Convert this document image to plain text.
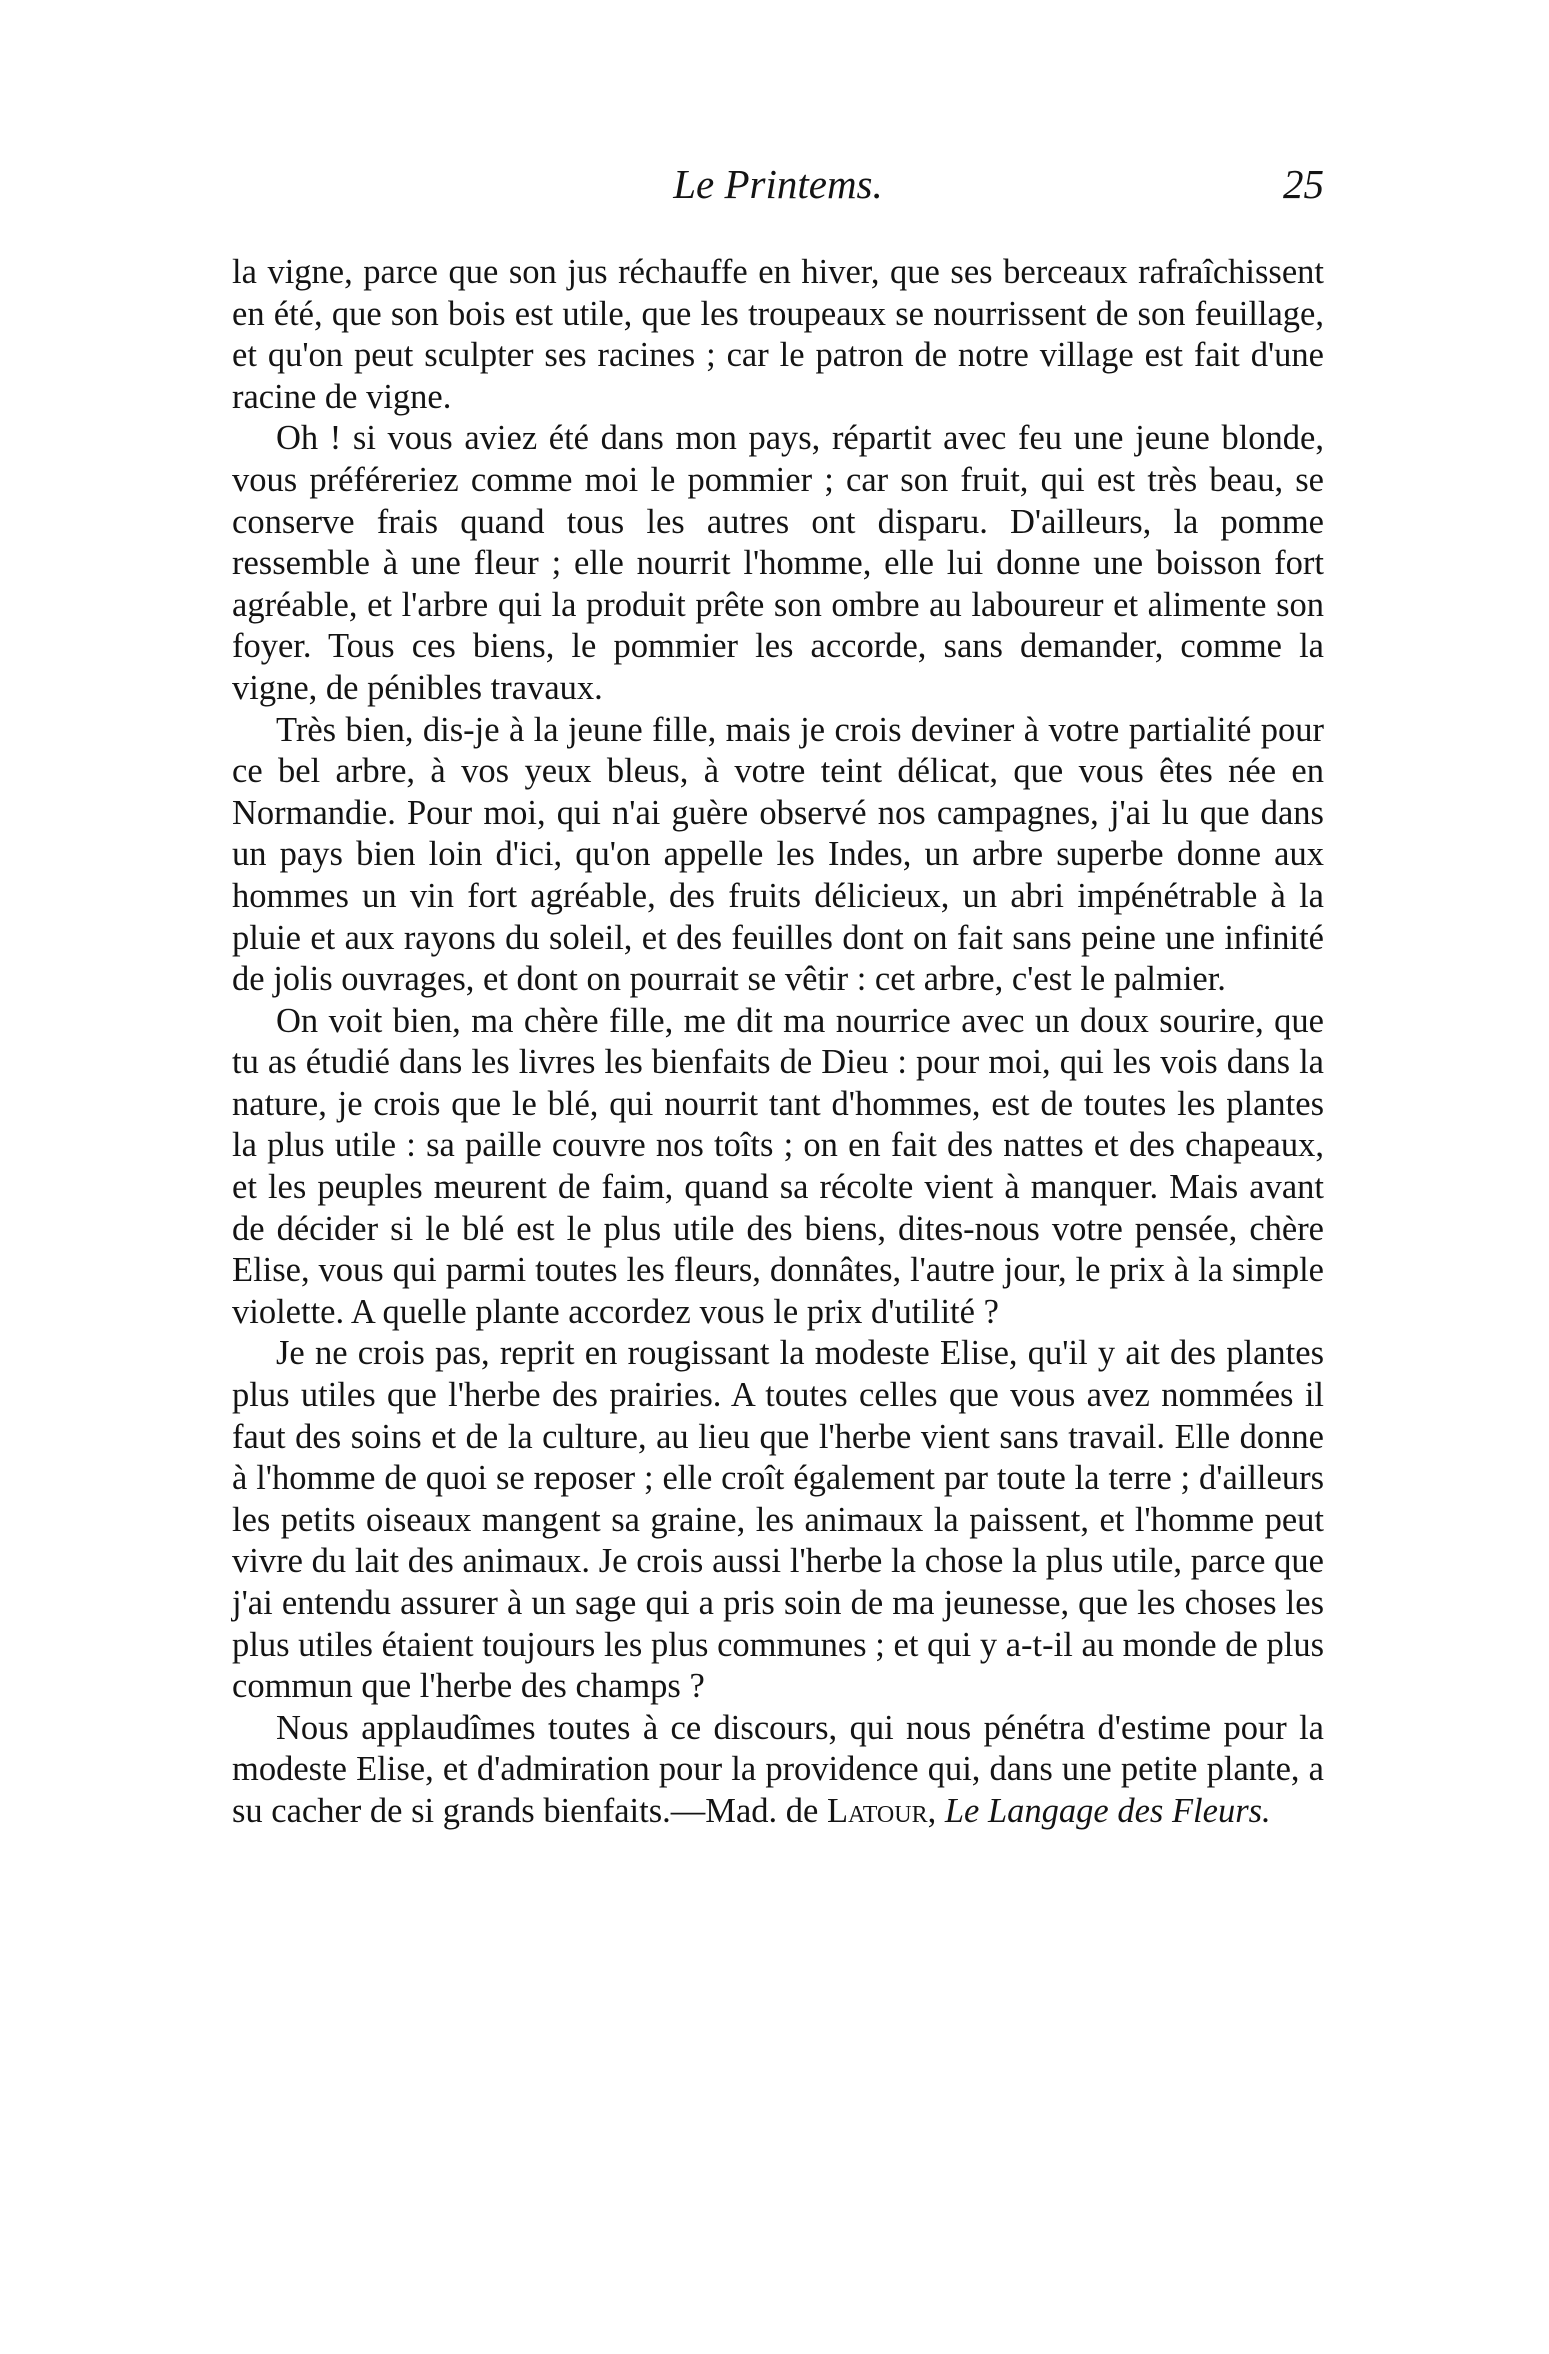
Le Printems.	25

la vigne, parce que son jus réchauffe en hiver, que ses berceaux rafraîchissent en été, que son bois est utile, que les troupeaux se nourrissent de son feuillage, et qu'on peut sculpter ses racines ; car le patron de notre village est fait d'une racine de vigne.

Oh ! si vous aviez été dans mon pays, répartit avec feu une jeune blonde, vous préféreriez comme moi le pommier ; car son fruit, qui est très beau, se conserve frais quand tous les autres ont disparu. D'ailleurs, la pomme ressemble à une fleur ; elle nourrit l'homme, elle lui donne une boisson fort agréable, et l'arbre qui la produit prête son ombre au laboureur et alimente son foyer. Tous ces biens, le pommier les accorde, sans demander, comme la vigne, de pénibles travaux.

Très bien, dis-je à la jeune fille, mais je crois deviner à votre partialité pour ce bel arbre, à vos yeux bleus, à votre teint délicat, que vous êtes née en Normandie. Pour moi, qui n'ai guère observé nos campagnes, j'ai lu que dans un pays bien loin d'ici, qu'on appelle les Indes, un arbre superbe donne aux hommes un vin fort agréable, des fruits délicieux, un abri impénétrable à la pluie et aux rayons du soleil, et des feuilles dont on fait sans peine une infinité de jolis ouvrages, et dont on pourrait se vêtir : cet arbre, c'est le palmier.

On voit bien, ma chère fille, me dit ma nourrice avec un doux sourire, que tu as étudié dans les livres les bienfaits de Dieu : pour moi, qui les vois dans la nature, je crois que le blé, qui nourrit tant d'hommes, est de toutes les plantes la plus utile : sa paille couvre nos toîts ; on en fait des nattes et des chapeaux, et les peuples meurent de faim, quand sa récolte vient à manquer. Mais avant de décider si le blé est le plus utile des biens, dites-nous votre pensée, chère Elise, vous qui parmi toutes les fleurs, donnâtes, l'autre jour, le prix à la simple violette. A quelle plante accordez vous le prix d'utilité ?

Je ne crois pas, reprit en rougissant la modeste Elise, qu'il y ait des plantes plus utiles que l'herbe des prairies. A toutes celles que vous avez nommées il faut des soins et de la culture, au lieu que l'herbe vient sans travail. Elle donne à l'homme de quoi se reposer ; elle croît également par toute la terre ; d'ailleurs les petits oiseaux mangent sa graine, les animaux la paissent, et l'homme peut vivre du lait des animaux. Je crois aussi l'herbe la chose la plus utile, parce que j'ai entendu assurer à un sage qui a pris soin de ma jeunesse, que les choses les plus utiles étaient toujours les plus communes ; et qui y a-t-il au monde de plus commun que l'herbe des champs ?

Nous applaudîmes toutes à ce discours, qui nous pénétra d'estime pour la modeste Elise, et d'admiration pour la providence qui, dans une petite plante, a su cacher de si grands bienfaits.—Mad. de Latour, Le Langage des Fleurs.
